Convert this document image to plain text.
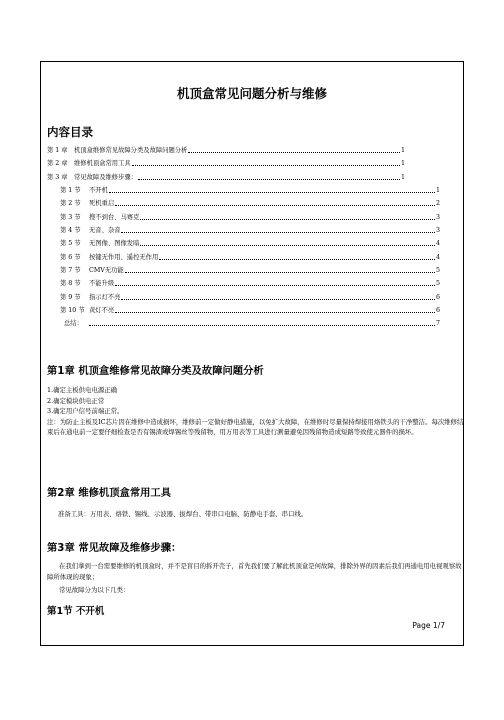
机顶盒常见问题分析与维修
内容目录
第 1 章 机顶盒维修常见故障分类及故障问题分析	1
第 2 章 维修机顶盒常用工具	1
第 3 章 常见故障及维修步骤：	1
第 1 节	不开机	1
第 2 节	死机重启	2
第 3 节	搜不到台、马赛克	3
第 4 节	无音、杂音	3
第 5 节	无图像、图像发暗	4
第 6 节	按键无作用、遥控无作用	4
第 7 节	CMV无功能	5
第 8 节	不能升级	5
第 9 节	指示灯不亮	6
第 10 节 黄灯不亮	6
总结：	7
第1章 机顶盒维修常见故障分类及故障问题分析
1.确定主板供电电源正确
2.确定模块供电正常
3.确定用户信号前端正常。
注：为防止主板及IC芯片因在维修中造成损坏，维修前一定做好静电措施，以免扩大故障，在维修时尽量保持焊接用烙铁头的干净整洁。每次维修结束后在通电前一定要仔细检查是否有锡渣或焊锡丝等残留物，用万用表等工具进行测量避免因残留物造成短路等致使元器件的损坏。
第2章 维修机顶盒常用工具
准备工具：万用表、烙铁、锡线、示波器、拔焊台、带串口电脑、防静电手套、串口线。
第3章 常见故障及维修步骤：
在我们拿到一台需要维修的机顶盒时，并不是盲目的拆开壳子，首先我们要了解此机顶盒是何故障，排除外界的因素后我们再通电用电视观察故障所体现的现象；
常见故障分为以下几类：
第1节 不开机
Page 1/7
